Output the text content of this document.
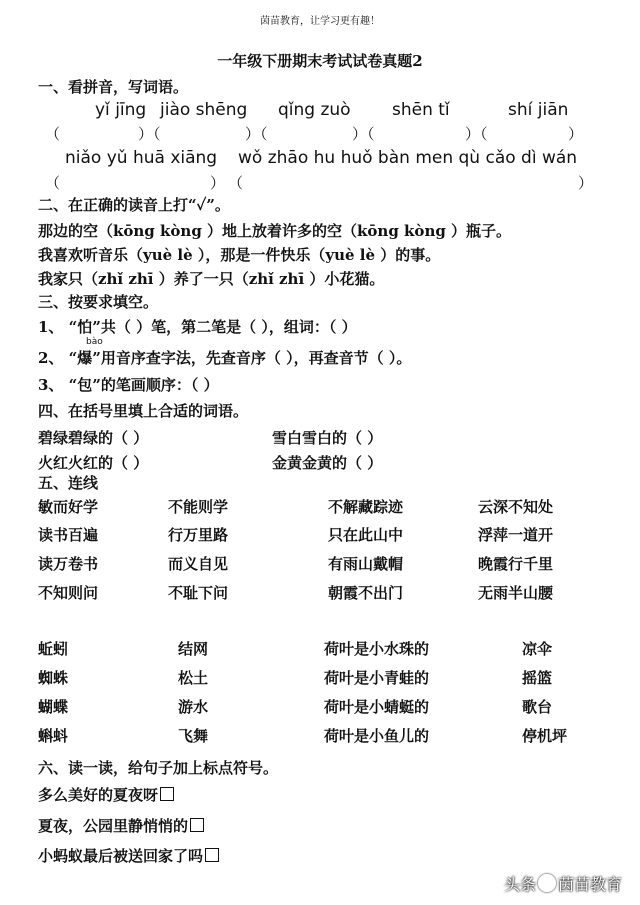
茵苗教育，让学习更有趣！
一年级下册期末考试试卷真题2
一、看拼音，写词语。
yǐ jīng jiào shēng qǐng zuò shēn tǐ	shí jiān
（	）（	）（	）（	）（	）
niǎo yǔ huā xiāng wǒ zhāo hu huǒ bàn men qù cǎo dì wán
（	） （	）
二、在正确的读音上打“✓”。
那边的空（kōng kòng ）地上放着许多的空（kōng kòng ）瓶子。
我喜欢听音乐（yuè lè ），那是一件快乐（yuè lè ）的事。
我家只（zhǐ zhī ）养了一只（zhǐ zhī ）小花猫。
三、按要求填空。
1、 “怕”共（ ）笔，第二笔是（ ），组词：（ ）
bào
2、 “爆”用音序查字法，先查音序（ ），再查音节（ ）。
3、 “包”的笔画顺序：（ ）
四、在括号里填上合适的词语。
碧绿碧绿的（ ）	雪白雪白的（ ）
火红火红的（ ）	金黄金黄的（ ）
五、连线
敏而好学	不能则学	不解藏踪迹	云深不知处
读书百遍	行万里路	只在此山中	浮萍一道开
读万卷书	而义自见	有雨山戴帽	晚霞行千里
不知则问	不耻下问	朝霞不出门	无雨半山腰
蚯蚓	结网	荷叶是小水珠的	凉伞
蜘蛛	松土	荷叶是小青蛙的	摇篮
蝴蝶	游水	荷叶是小蜻蜓的	歌台
蝌蚪	飞舞	荷叶是小鱼儿的	停机坪
六、读一读，给句子加上标点符号。
多么美好的夏夜呀
夏夜，公园里静悄悄的
小蚂蚁最后被送回家了吗
头条 茵苗教育
